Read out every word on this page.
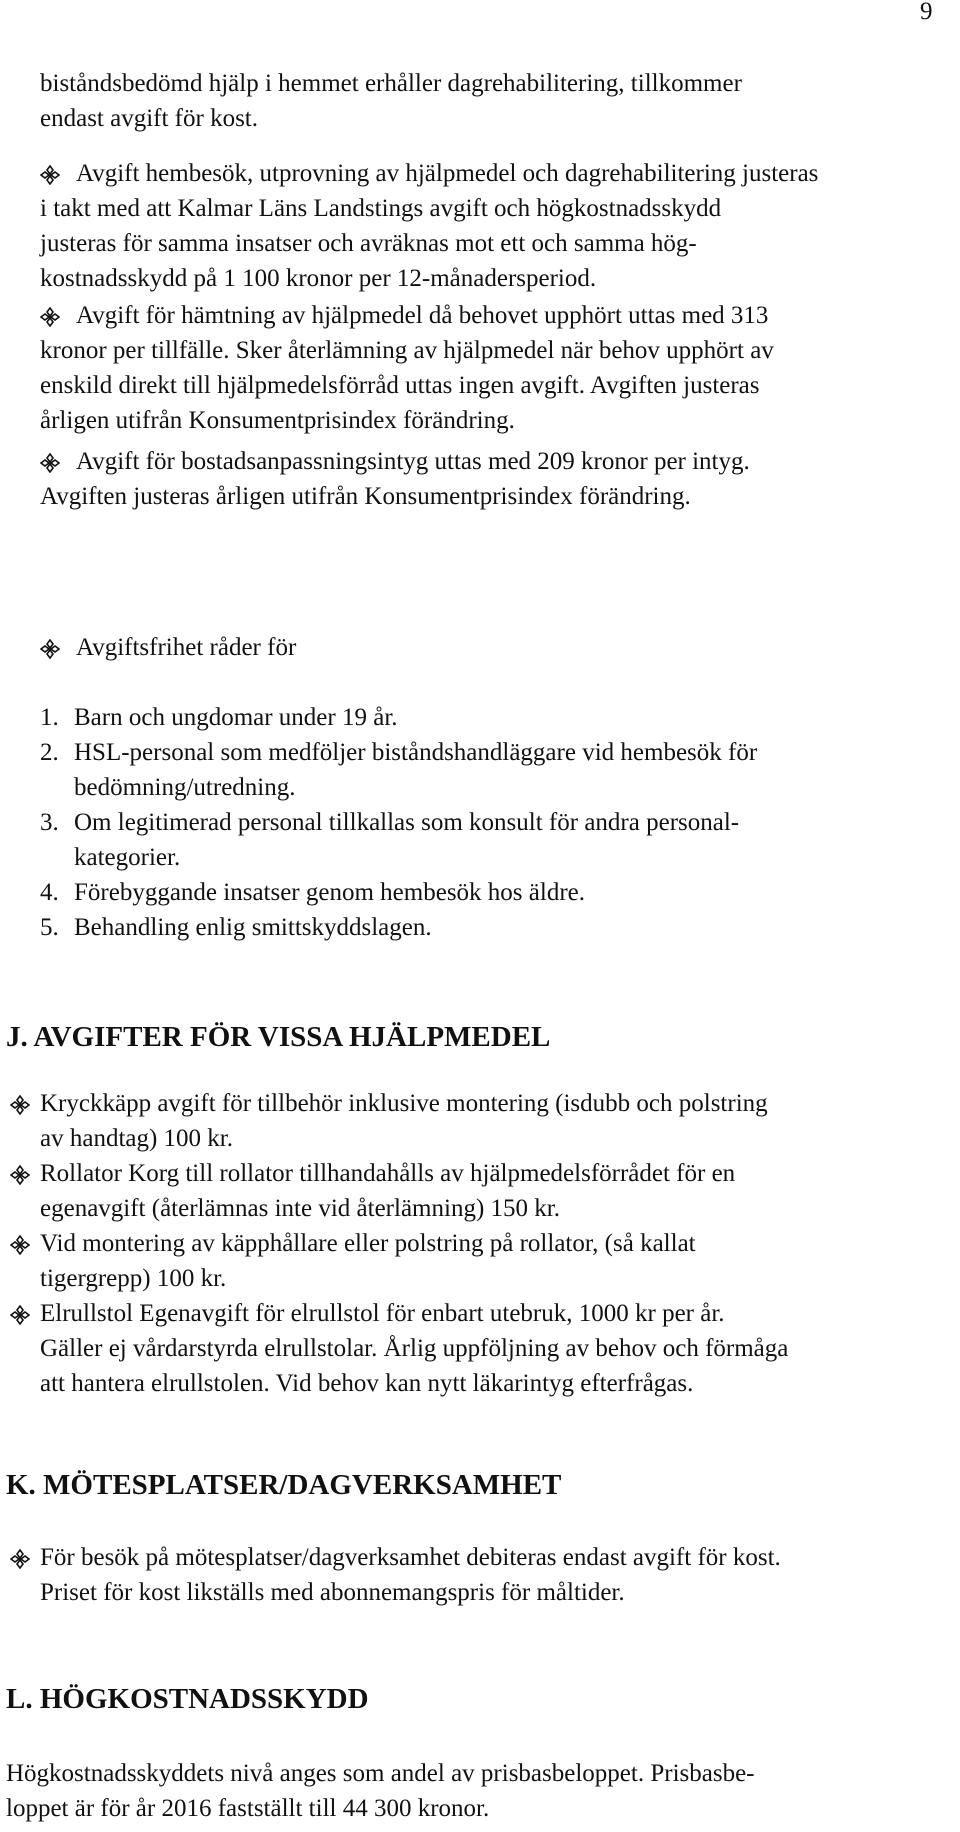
9
biståndsbedömd hjälp i hemmet erhåller dagrehabilitering, tillkommer
endast avgift för kost.
Avgift hembesök, utprovning av hjälpmedel och dagrehabilitering justeras
i takt med att Kalmar Läns Landstings avgift och högkostnadsskydd
justeras för samma insatser och avräknas mot ett och samma hög-
kostnadsskydd på 1 100 kronor per 12-månadersperiod.
Avgift för hämtning av hjälpmedel då behovet upphört uttas med 313
kronor per tillfälle. Sker återlämning av hjälpmedel när behov upphört av
enskild direkt till hjälpmedelsförråd uttas ingen avgift. Avgiften justeras
årligen utifrån Konsumentprisindex förändring.
Avgift för bostadsanpassningsintyg uttas med 209 kronor per intyg.
Avgiften justeras årligen utifrån Konsumentprisindex förändring.
Avgiftsfrihet råder för
1. Barn och ungdomar under 19 år.
2. HSL-personal som medföljer biståndshandläggare vid hembesök för
bedömning/utredning.
3. Om legitimerad personal tillkallas som konsult för andra personal-
kategorier.
4. Förebyggande insatser genom hembesök hos äldre.
5. Behandling enlig smittskyddslagen.
J. AVGIFTER FÖR VISSA HJÄLPMEDEL
Kryckkäpp avgift för tillbehör inklusive montering (isdubb och polstring
av handtag) 100 kr.
Rollator Korg till rollator tillhandahålls av hjälpmedelsförrådet för en
egenavgift (återlämnas inte vid återlämning) 150 kr.
Vid montering av käpphållare eller polstring på rollator, (så kallat
tigergrepp) 100 kr.
Elrullstol Egenavgift för elrullstol för enbart utebruk, 1000 kr per år.
Gäller ej vårdarstyrda elrullstolar. Årlig uppföljning av behov och förmåga
att hantera elrullstolen. Vid behov kan nytt läkarintyg efterfrågas.
K. MÖTESPLATSER/DAGVERKSAMHET
För besök på mötesplatser/dagverksamhet debiteras endast avgift för kost.
Priset för kost likställs med abonnemangspris för måltider.
L. HÖGKOSTNADSSKYDD
Högkostnadsskyddets nivå anges som andel av prisbasbeloppet. Prisbasbe-
loppet är för år 2016 fastställt till 44 300 kronor.
